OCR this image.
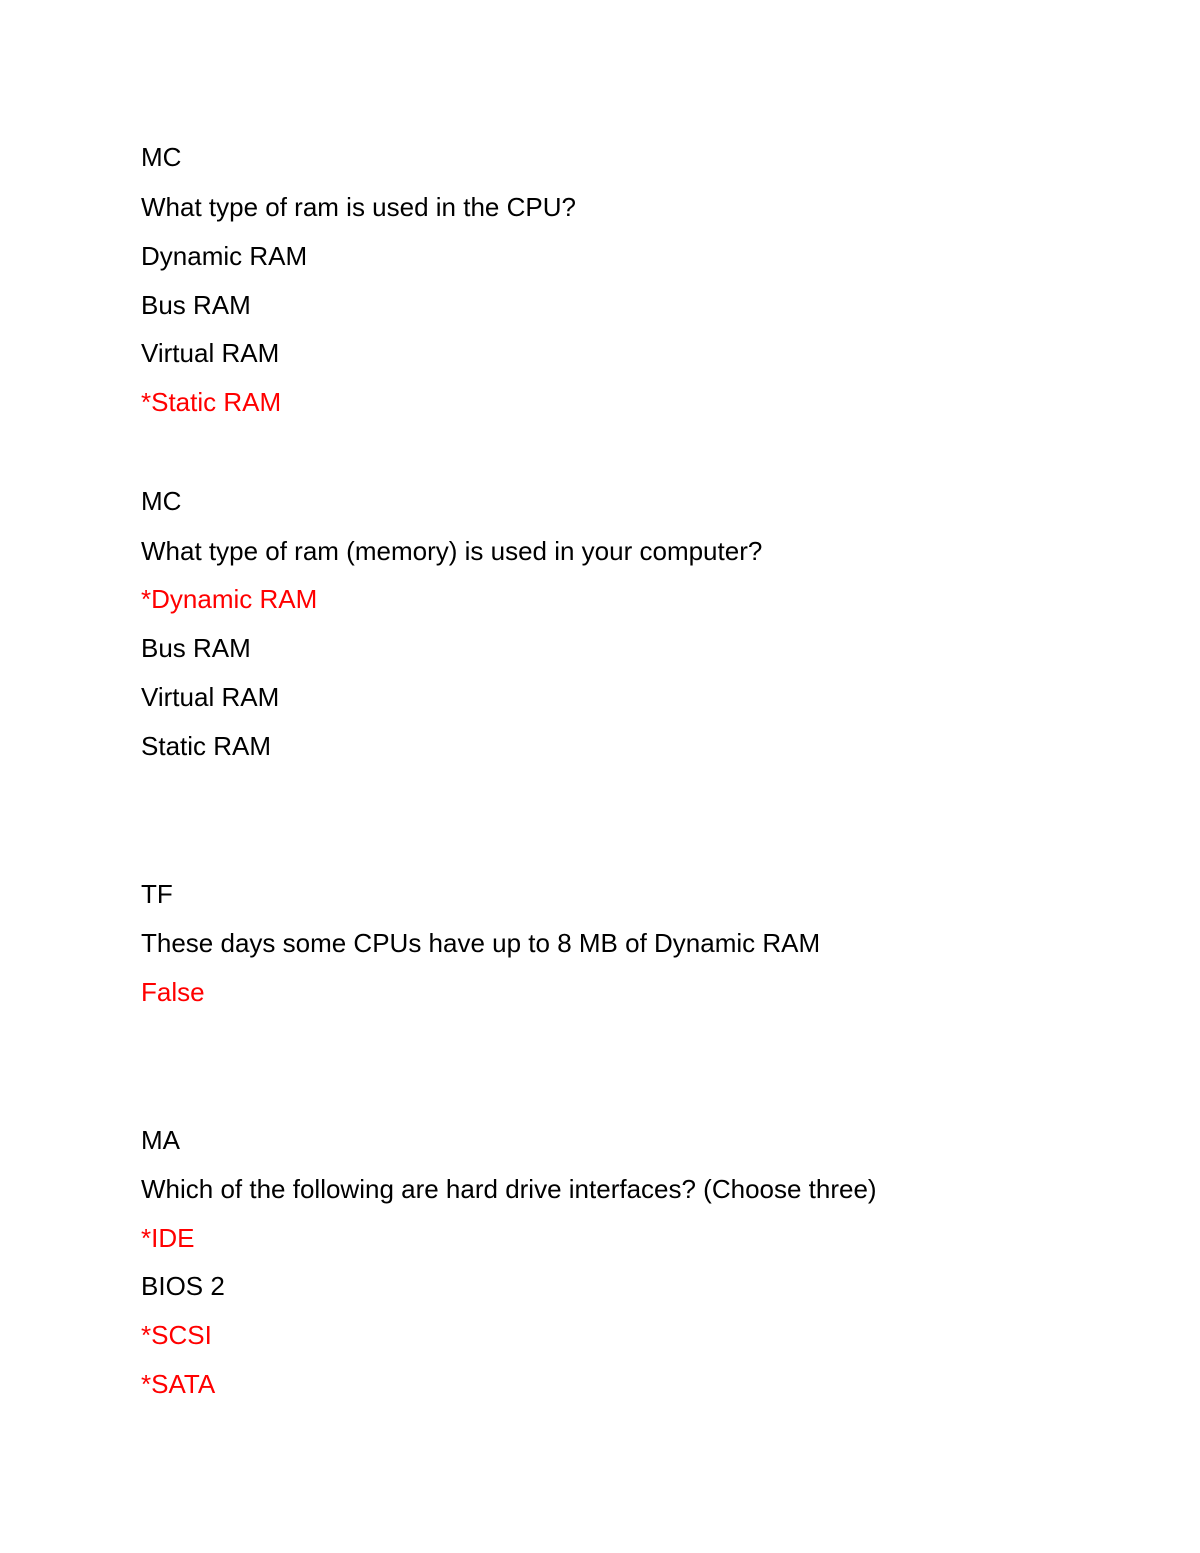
MC

What type of ram is used in the CPU?

Dynamic RAM

Bus RAM

Virtual RAM

*Static RAM

MC

What type of ram (memory) is used in your computer?

*Dynamic RAM

Bus RAM

Virtual RAM

Static RAM

TF

These days some CPUs have up to 8 MB of Dynamic RAM

False

MA

Which of the following are hard drive interfaces? (Choose three)

*IDE

BIOS 2

*SCSI

*SATA
